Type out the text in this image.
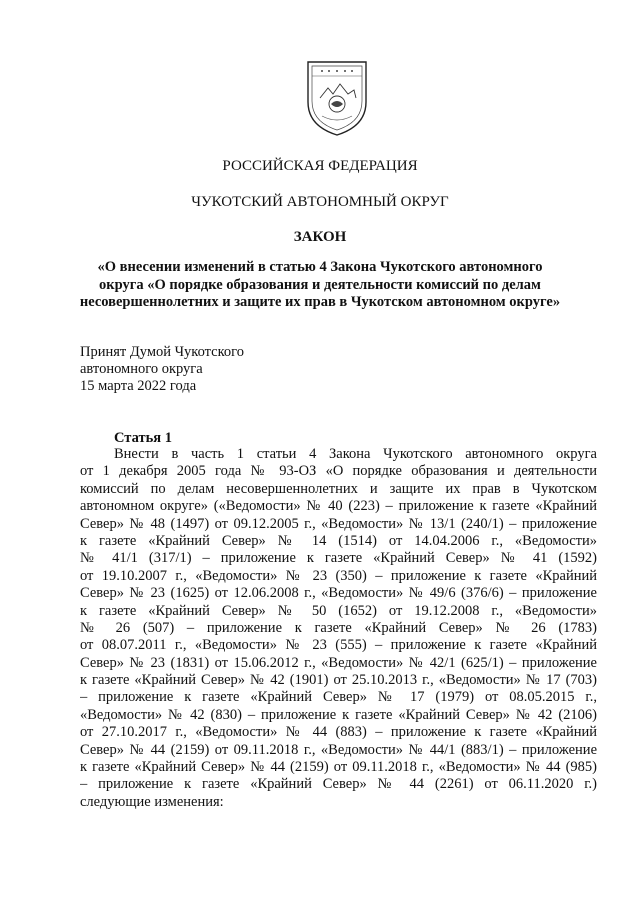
РОССИЙСКАЯ ФЕДЕРАЦИЯ
ЧУКОТСКИЙ АВТОНОМНЫЙ ОКРУГ
ЗАКОН
«О внесении изменений в статью 4 Закона Чукотского автономного
округа «О порядке образования и деятельности комиссий по делам
несовершеннолетних и защите их прав в Чукотском автономном округе»
Принят Думой Чукотского
автономного округа
15 марта 2022 года
Статья 1
Внести в часть 1 статьи 4 Закона Чукотского автономного округа
от 1 декабря 2005 года № 93-ОЗ «О порядке образования и деятельности
комиссий по делам несовершеннолетних и защите их прав в Чукотском
автономном округе» («Ведомости» № 40 (223) – приложение к газете «Крайний
Север» № 48 (1497) от 09.12.2005 г., «Ведомости» № 13/1 (240/1) – приложение
к газете «Крайний Север» № 14 (1514) от 14.04.2006 г., «Ведомости»
№ 41/1 (317/1) – приложение к газете «Крайний Север» № 41 (1592)
от 19.10.2007 г., «Ведомости» № 23 (350) – приложение к газете «Крайний
Север» № 23 (1625) от 12.06.2008 г., «Ведомости» № 49/6 (376/6) – приложение
к газете «Крайний Север» № 50 (1652) от 19.12.2008 г., «Ведомости»
№ 26 (507) – приложение к газете «Крайний Север» № 26 (1783)
от 08.07.2011 г., «Ведомости» № 23 (555) – приложение к газете «Крайний
Север» № 23 (1831) от 15.06.2012 г., «Ведомости» № 42/1 (625/1) – приложение
к газете «Крайний Север» № 42 (1901) от 25.10.2013 г., «Ведомости» № 17 (703)
– приложение к газете «Крайний Север» № 17 (1979) от 08.05.2015 г.,
«Ведомости» № 42 (830) – приложение к газете «Крайний Север» № 42 (2106)
от 27.10.2017 г., «Ведомости» № 44 (883) – приложение к газете «Крайний
Север» № 44 (2159) от 09.11.2018 г., «Ведомости» № 44/1 (883/1) – приложение
к газете «Крайний Север» № 44 (2159) от 09.11.2018 г., «Ведомости» № 44 (985)
– приложение к газете «Крайний Север» № 44 (2261) от 06.11.2020 г.)
следующие изменения:
